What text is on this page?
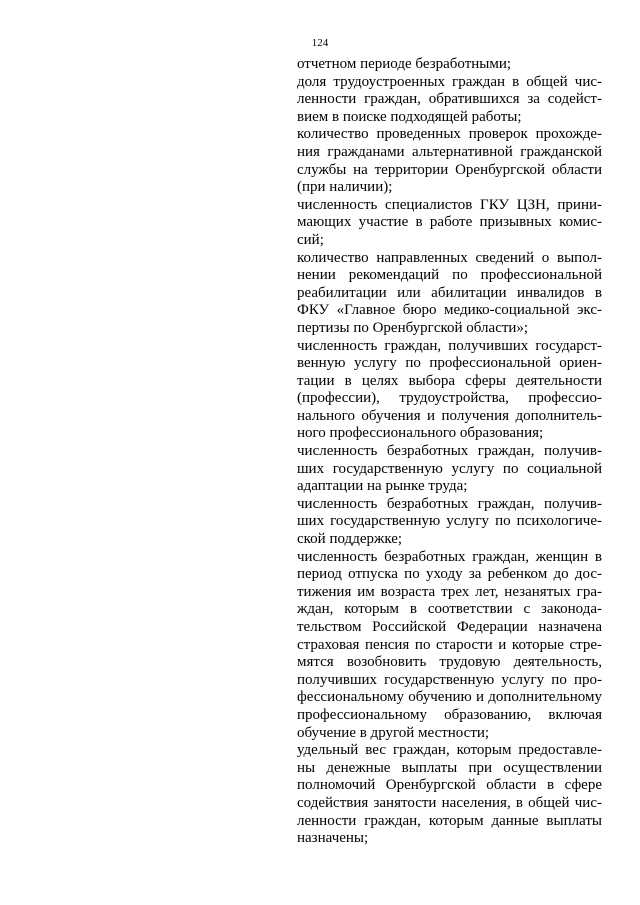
124

отчетном периоде безработными;

доля трудоустроенных граждан в общей численности граждан, обратившихся за содействием в поиске подходящей работы;

количество проведенных проверок прохождения гражданами альтернативной гражданской службы на территории Оренбургской области (при наличии);

численность специалистов ГКУ ЦЗН, принимающих участие в работе призывных комиссий;

количество направленных сведений о выполнении рекомендаций по профессиональной реабилитации или абилитации инвалидов в ФКУ «Главное бюро медико-социальной экспертизы по Оренбургской области»;

численность граждан, получивших государственную услугу по профессиональной ориентации в целях выбора сферы деятельности (профессии), трудоустройства, профессионального обучения и получения дополнительного профессионального образования;

численность безработных граждан, получивших государственную услугу по социальной адаптации на рынке труда;

численность безработных граждан, получивших государственную услугу по психологической поддержке;

численность безработных граждан, женщин в период отпуска по уходу за ребенком до достижения им возраста трех лет, незанятых граждан, которым в соответствии с законодательством Российской Федерации назначена страховая пенсия по старости и которые стремятся возобновить трудовую деятельность, получивших государственную услугу по профессиональному обучению и дополнительному профессиональному образованию, включая обучение в другой местности;

удельный вес граждан, которым предоставлены денежные выплаты при осуществлении полномочий Оренбургской области в сфере содействия занятости населения, в общей численности граждан, которым данные выплаты назначены;
